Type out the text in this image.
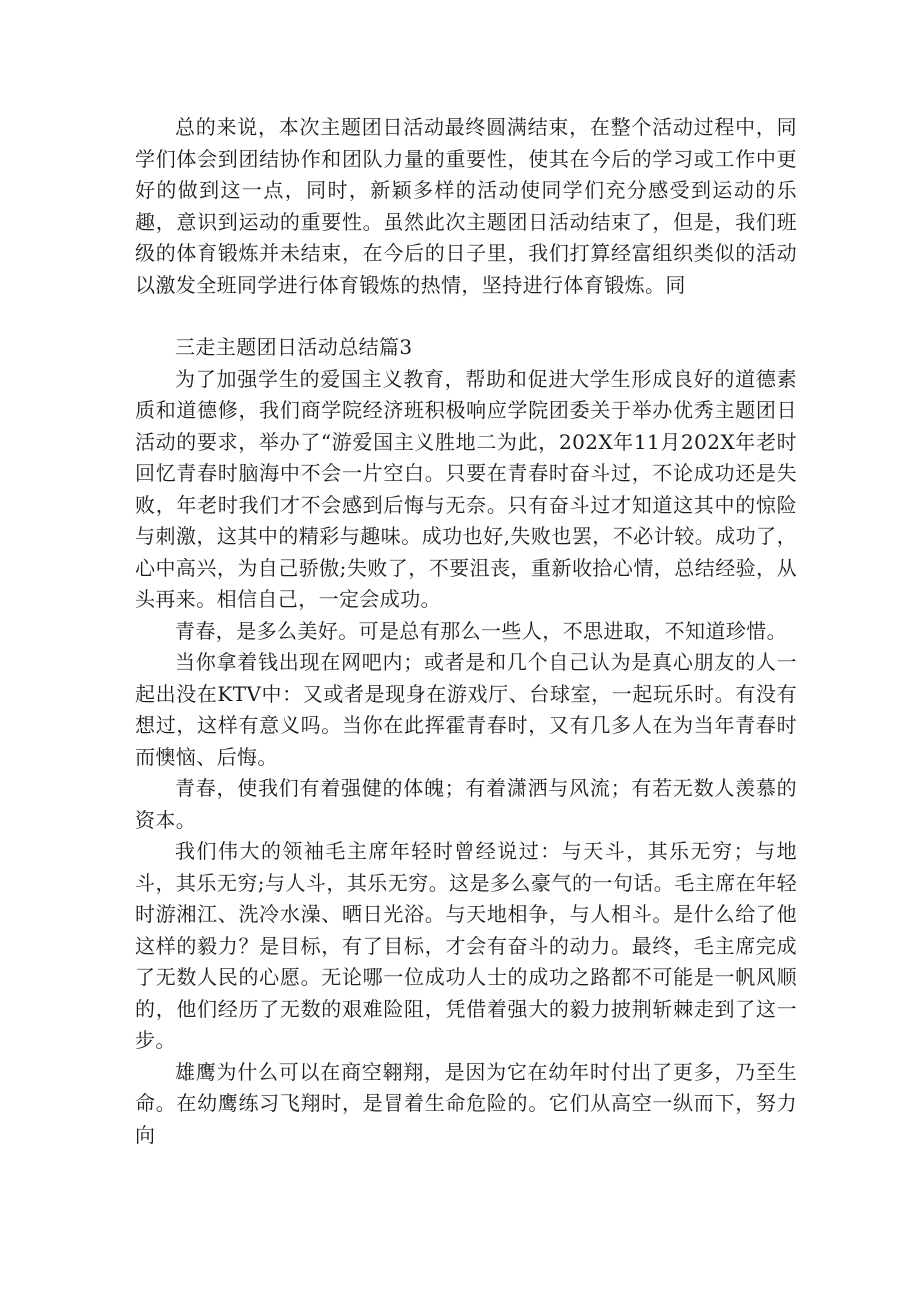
总的来说，本次主题团日活动最终圆满结束，在整个活动过程中，同学们体会到团结协作和团队力量的重要性，使其在今后的学习或工作中更好的做到这一点，同时，新颖多样的活动使同学们充分感受到运动的乐趣，意识到运动的重要性。虽然此次主题团日活动结束了，但是，我们班级的体育锻炼并未结束，在今后的日子里，我们打算经富组织类似的活动以激发全班同学进行体育锻炼的热情，坚持进行体育锻炼。同

三走主题团日活动总结篇3

为了加强学生的爱国主义教育，帮助和促进大学生形成良好的道德素质和道德修，我们商学院经济班积极响应学院团委关于举办优秀主题团日活动的要求，举办了“游爱国主义胜地二为此，202X年11月202X年老时回忆青春时脑海中不会一片空白。只要在青春时奋斗过，不论成功还是失败，年老时我们才不会感到后悔与无奈。只有奋斗过才知道这其中的惊险与刺激，这其中的精彩与趣味。成功也好,失败也罢，不必计较。成功了，心中高兴，为自己骄傲;失败了，不要沮丧，重新收拾心情，总结经验，从头再来。相信自己，一定会成功。

青春，是多么美好。可是总有那么一些人，不思进取，不知道珍惜。

当你拿着钱出现在网吧内；或者是和几个自己认为是真心朋友的人一起出没在KTV中：又或者是现身在游戏厅、台球室，一起玩乐时。有没有想过，这样有意义吗。当你在此挥霍青春时，又有几多人在为当年青春时而懊恼、后悔。

青春，使我们有着强健的体魄；有着潇洒与风流；有若无数人羡慕的资本。

我们伟大的领袖毛主席年轻时曾经说过：与天斗，其乐无穷；与地斗，其乐无穷;与人斗，其乐无穷。这是多么豪气的一句话。毛主席在年轻时游湘江、洗冷水澡、晒日光浴。与天地相争，与人相斗。是什么给了他这样的毅力？是目标，有了目标，才会有奋斗的动力。最终，毛主席完成了无数人民的心愿。无论哪一位成功人士的成功之路都不可能是一帆风顺的，他们经历了无数的艰难险阻，凭借着强大的毅力披荆斩棘走到了这一步。

雄鹰为什么可以在商空翱翔，是因为它在幼年时付出了更多，乃至生命。在幼鹰练习飞翔时，是冒着生命危险的。它们从高空一纵而下，努力向
